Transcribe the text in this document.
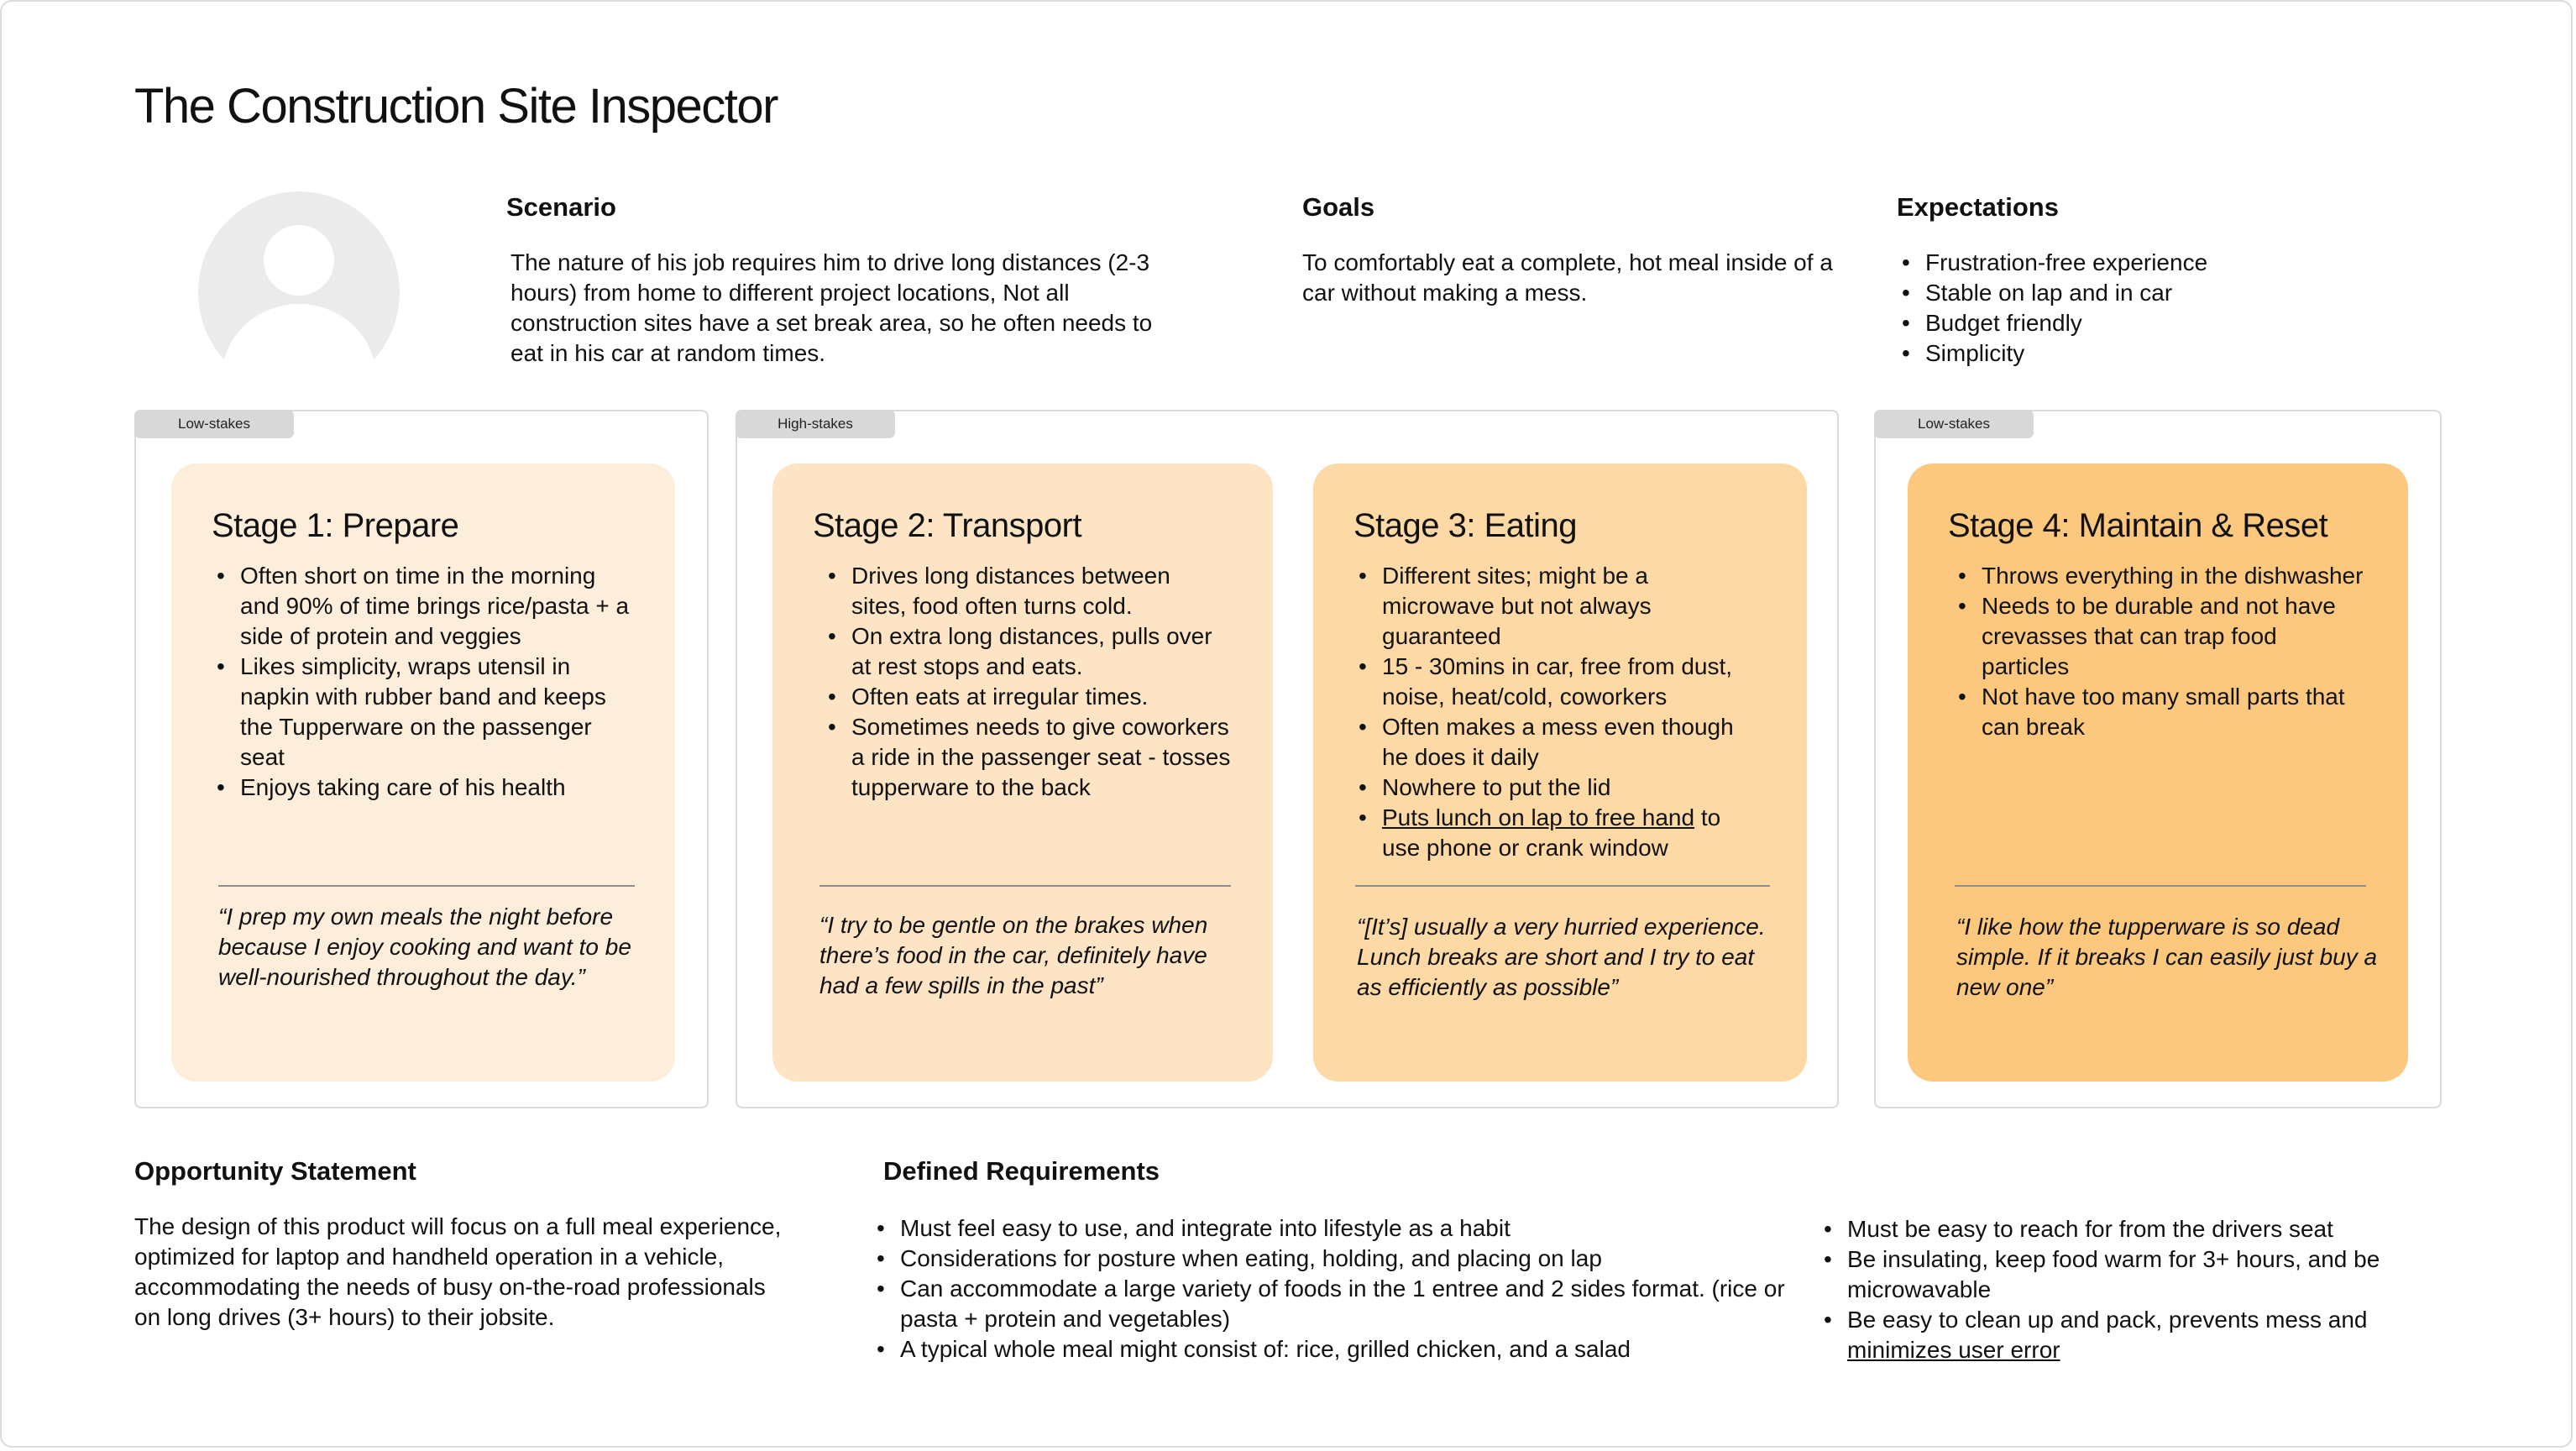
The Construction Site Inspector
Scenario

The nature of his job requires him to drive long distances (2-3 hours) from home to different project locations, Not all construction sites have a set break area, so he often needs to eat in his car at random times.

Goals

To comfortably eat a complete, hot meal inside of a car without making a mess.

Expectations
• Frustration-free experience
• Stable on lap and in car
• Budget friendly
• Simplicity
Low-stakes	High-stakes	Low-stakes
Stage 1: Prepare
• Often short on time in the morning and 90% of time brings rice/pasta + a side of protein and veggies
• Likes simplicity, wraps utensil in napkin with rubber band and keeps the Tupperware on the passenger seat
• Enjoys taking care of his health

“I prep my own meals the night before because I enjoy cooking and want to be well-nourished throughout the day.”

Stage 2: Transport
• Drives long distances between sites, food often turns cold.
• On extra long distances, pulls over at rest stops and eats.
• Often eats at irregular times.
• Sometimes needs to give coworkers a ride in the passenger seat - tosses tupperware to the back

“I try to be gentle on the brakes when there’s food in the car, definitely have had a few spills in the past”

Stage 3: Eating
• Different sites; might be a microwave but not always guaranteed
• 15 - 30mins in car, free from dust, noise, heat/cold, coworkers
• Often makes a mess even though he does it daily
• Nowhere to put the lid
• Puts lunch on lap to free hand to use phone or crank window

“[It’s] usually a very hurried experience. Lunch breaks are short and I try to eat as efficiently as possible”

Stage 4: Maintain & Reset
• Throws everything in the dishwasher
• Needs to be durable and not have crevasses that can trap food particles
• Not have too many small parts that can break

“I like how the tupperware is so dead simple. If it breaks I can easily just buy a new one”

Opportunity Statement

The design of this product will focus on a full meal experience, optimized for laptop and handheld operation in a vehicle, accommodating the needs of busy on-the-road professionals on long drives (3+ hours) to their jobsite.

Defined Requirements
• Must feel easy to use, and integrate into lifestyle as a habit
• Considerations for posture when eating, holding, and placing on lap
• Can accommodate a large variety of foods in the 1 entree and 2 sides format. (rice or pasta + protein and vegetables)
• A typical whole meal might consist of: rice, grilled chicken, and a salad
• Must be easy to reach for from the drivers seat
• Be insulating, keep food warm for 3+ hours, and be microwavable
• Be easy to clean up and pack, prevents mess and minimizes user error
